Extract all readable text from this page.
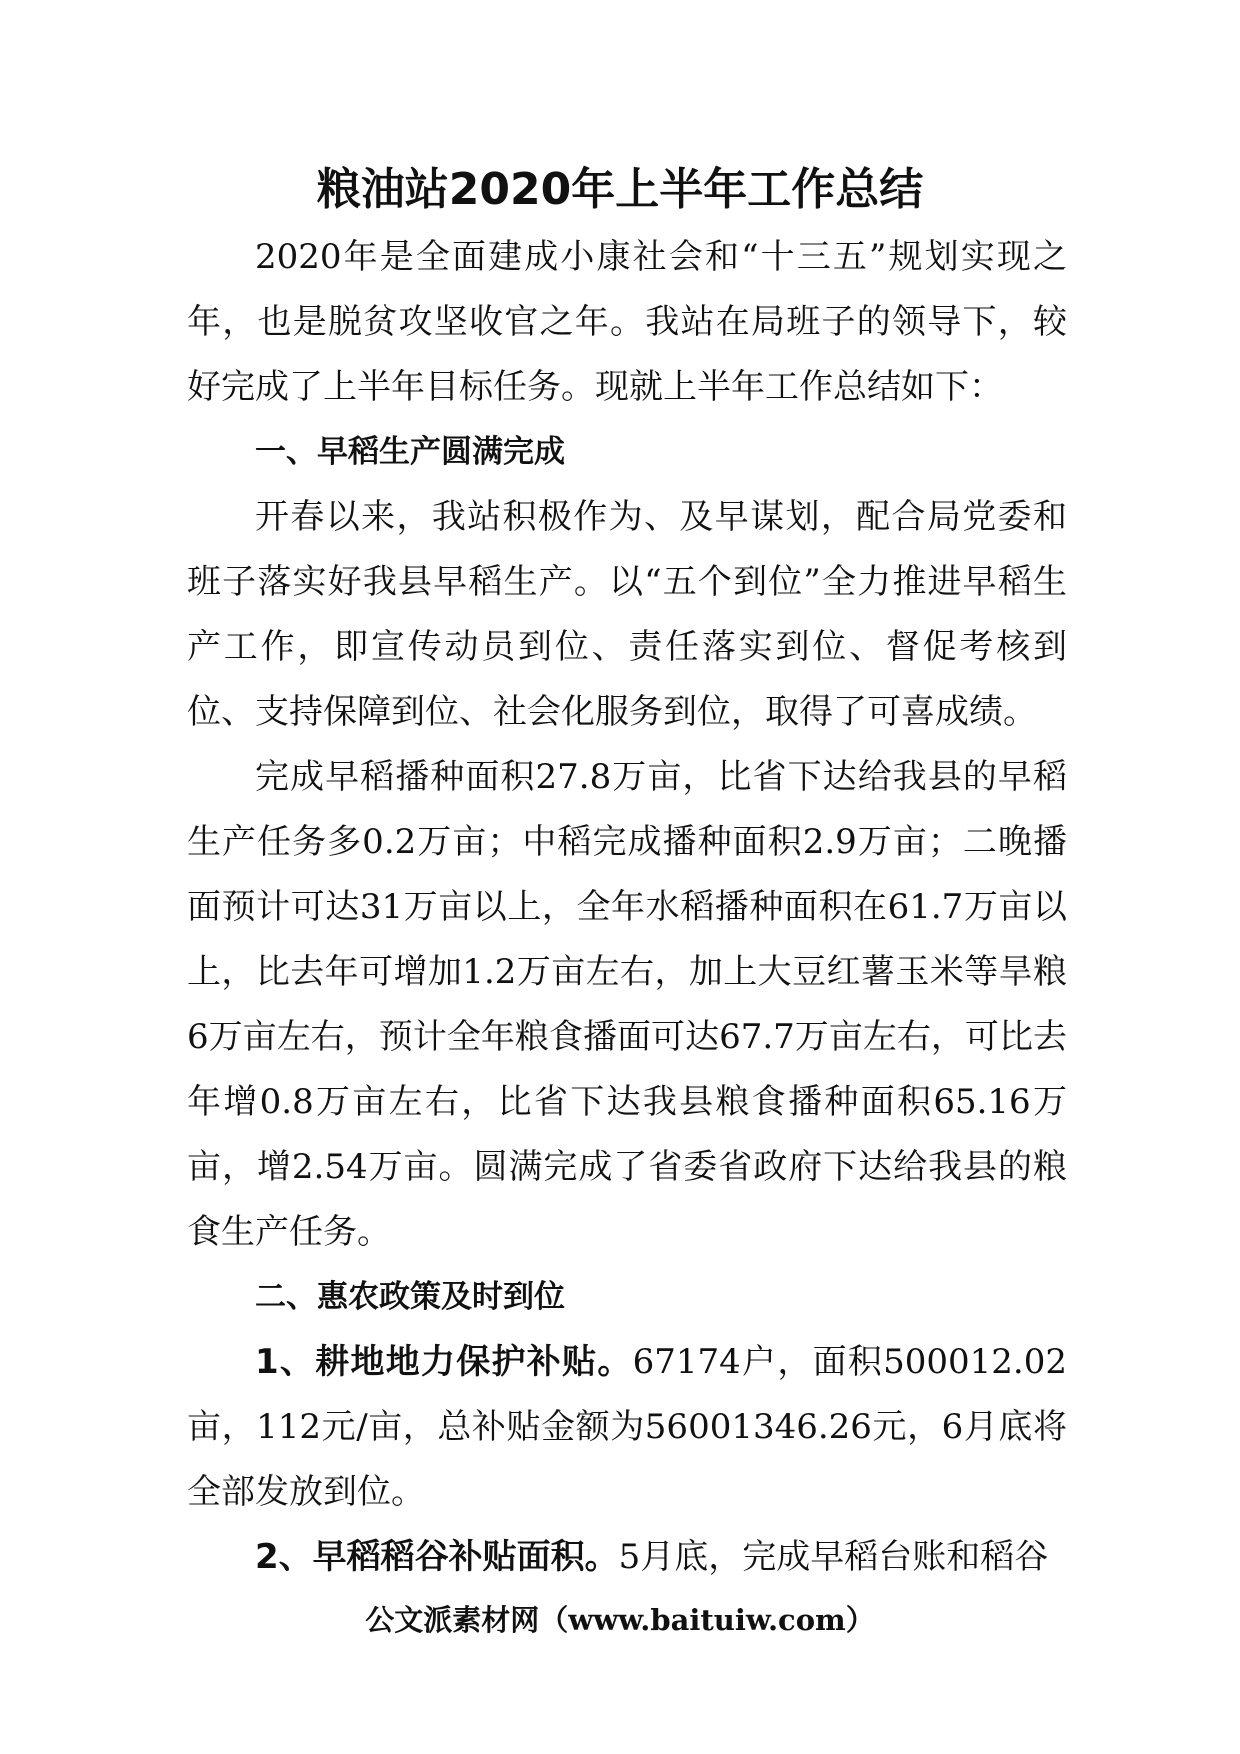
粮油站2020年上半年工作总结

2020年是全面建成小康社会和“十三五”规划实现之年，也是脱贫攻坚收官之年。我站在局班子的领导下，较好完成了上半年目标任务。现就上半年工作总结如下：

一、早稻生产圆满完成

开春以来，我站积极作为、及早谋划，配合局党委和班子落实好我县早稻生产。以“五个到位”全力推进早稻生产工作，即宣传动员到位、责任落实到位、督促考核到位、支持保障到位、社会化服务到位，取得了可喜成绩。

完成早稻播种面积27.8万亩，比省下达给我县的早稻生产任务多0.2万亩；中稻完成播种面积2.9万亩；二晚播面预计可达31万亩以上，全年水稻播种面积在61.7万亩以上，比去年可增加1.2万亩左右，加上大豆红薯玉米等旱粮6万亩左右，预计全年粮食播面可达67.7万亩左右，可比去年增0.8万亩左右，比省下达我县粮食播种面积65.16万亩，增2.54万亩。圆满完成了省委省政府下达给我县的粮食生产任务。

二、惠农政策及时到位

1、耕地地力保护补贴。67174户，面积500012.02亩，112元/亩，总补贴金额为56001346.26元，6月底将全部发放到位。

2、早稻稻谷补贴面积。5月底，完成早稻台账和稻谷

公文派素材网（www.baituiw.com）
